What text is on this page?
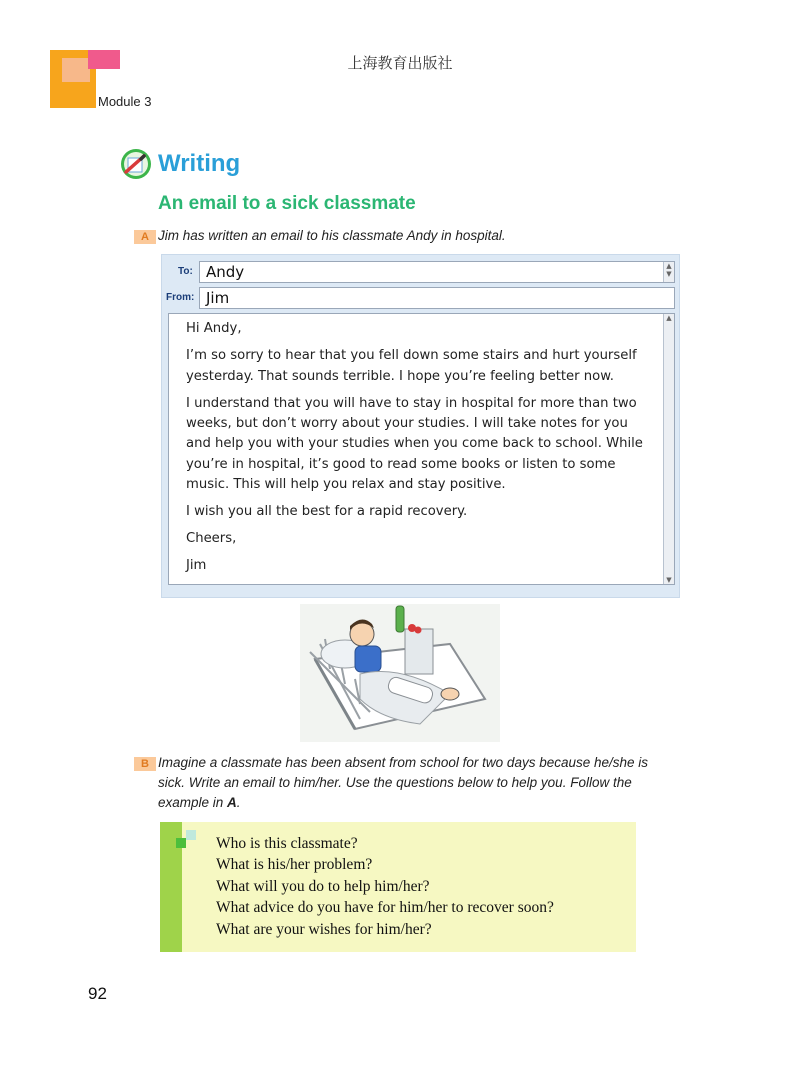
上海教育出版社
Module 3
Writing
An email to a sick classmate
A Jim has written an email to his classmate Andy in hospital.
To: Andy	▲
▼
From: Jim
▲
▼
Hi Andy,
I’m so sorry to hear that you fell down some stairs and hurt yourself
yesterday. That sounds terrible. I hope you’re feeling better now.
I understand that you will have to stay in hospital for more than two
weeks, but don’t worry about your studies. I will take notes for you
and help you with your studies when you come back to school. While
you’re in hospital, it’s good to read some books or listen to some
music. This will help you relax and stay positive.
I wish you all the best for a rapid recovery.
Cheers,
Jim
B Imagine a classmate has been absent from school for two days because he/she is
sick. Write an email to him/her. Use the questions below to help you. Follow the
example in A.
Who is this classmate?
What is his/her problem?
What will you do to help him/her?
What advice do you have for him/her to recover soon?
What are your wishes for him/her?
92
